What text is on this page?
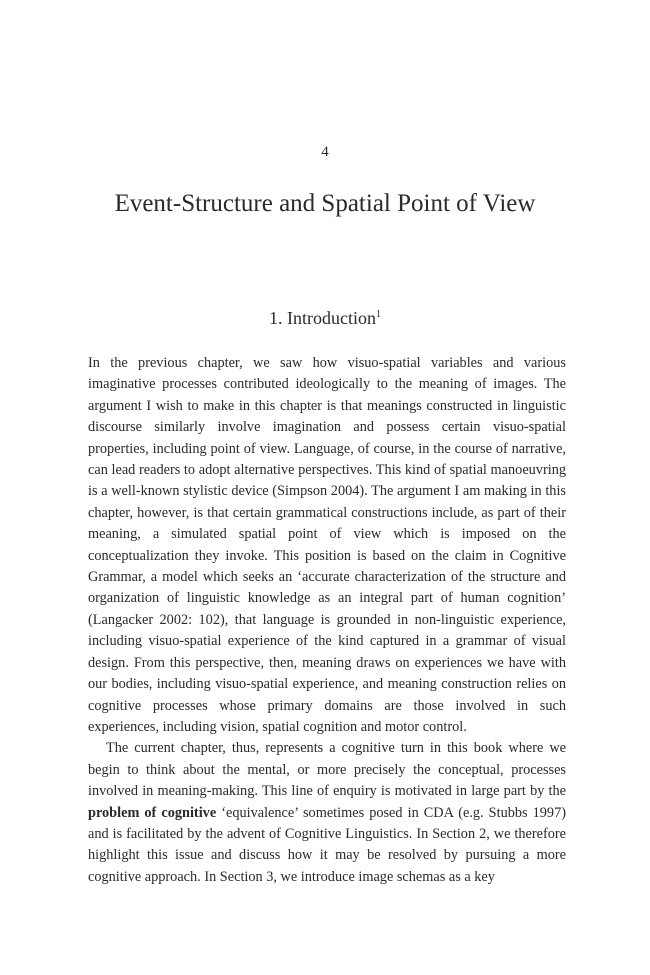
4
Event-Structure and Spatial Point of View
1. Introduction$^1$

In the previous chapter, we saw how visuo-spatial variables and various imaginative processes contributed ideologically to the meaning of images. The argument I wish to make in this chapter is that meanings constructed in linguistic discourse similarly involve imagination and possess certain visuo-spatial properties, including point of view. Language, of course, in the course of narrative, can lead readers to adopt alternative perspectives. This kind of spatial manoeuvring is a well-known stylistic device (Simpson 2004). The argument I am making in this chapter, however, is that certain grammatical constructions include, as part of their meaning, a simulated spatial point of view which is imposed on the conceptualization they invoke. This position is based on the claim in Cognitive Grammar, a model which seeks an ‘accurate characterization of the structure and organization of linguistic knowledge as an integral part of human cognition’ (Langacker 2002: 102), that language is grounded in non-linguistic experience, including visuo-spatial experience of the kind captured in a grammar of visual design. From this perspective, then, meaning draws on experiences we have with our bodies, including visuo-spatial experience, and meaning construction relies on cognitive processes whose primary domains are those involved in such experiences, including vision, spatial cognition and motor control.

The current chapter, thus, represents a cognitive turn in this book where we begin to think about the mental, or more precisely the conceptual, processes involved in meaning-making. This line of enquiry is motivated in large part by the problem of cognitive ‘equivalence’ sometimes posed in CDA (e.g. Stubbs 1997) and is facilitated by the advent of Cognitive Linguistics. In Section 2, we therefore highlight this issue and discuss how it may be resolved by pursuing a more cognitive approach. In Section 3, we introduce image schemas as a key
